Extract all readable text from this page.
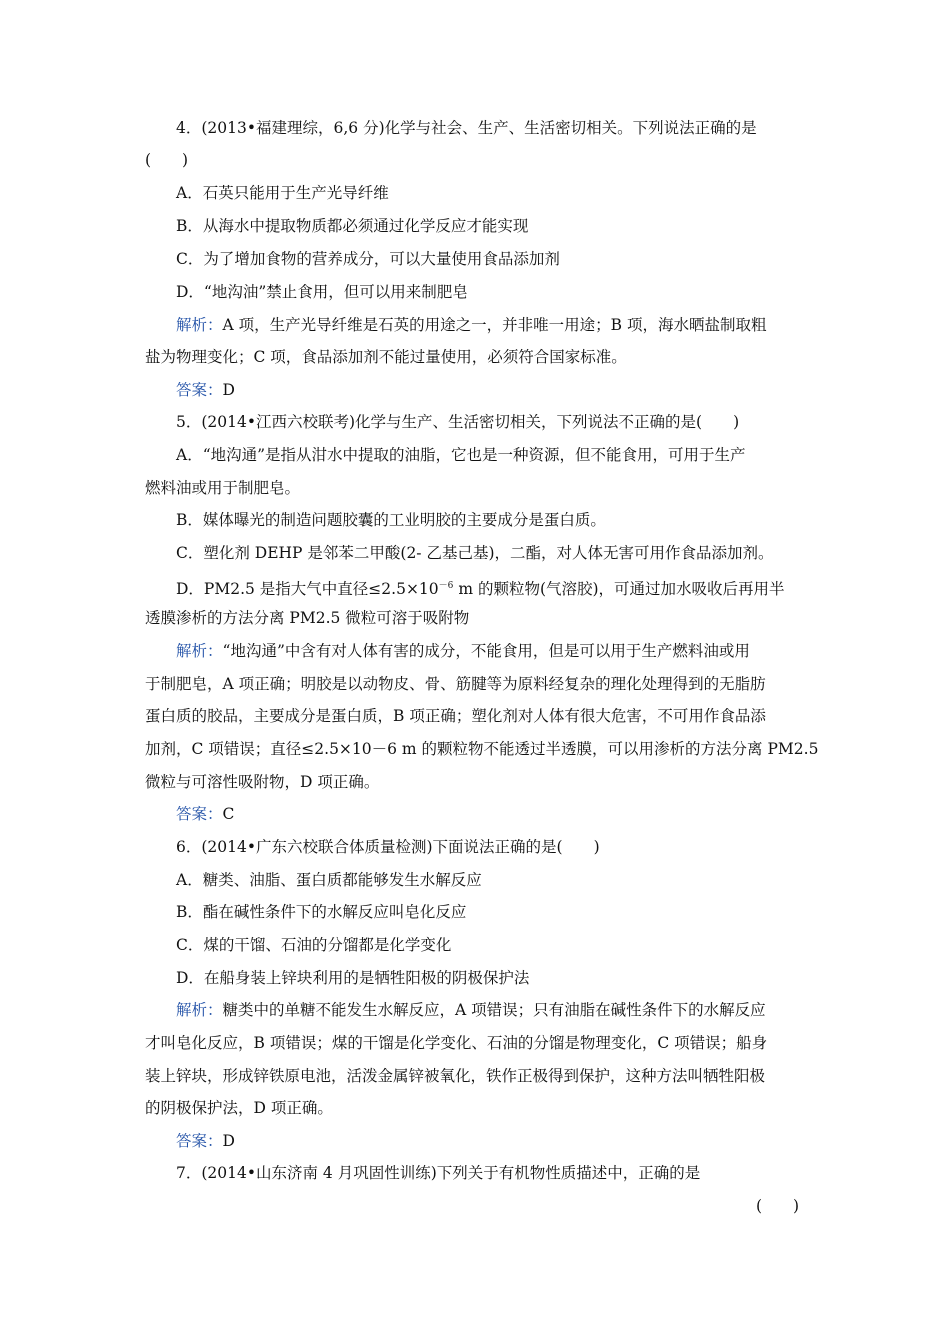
4．(2013•福建理综，6,6 分)化学与社会、生产、生活密切相关。下列说法正确的是
(　　)
A．石英只能用于生产光导纤维
B．从海水中提取物质都必须通过化学反应才能实现
C．为了增加食物的营养成分，可以大量使用食品添加剂
D．“地沟油”禁止食用，但可以用来制肥皂
解析：A 项，生产光导纤维是石英的用途之一，并非唯一用途；B 项，海水晒盐制取粗
盐为物理变化；C 项，食品添加剂不能过量使用，必须符合国家标准。
答案：D
5．(2014•江西六校联考)化学与生产、生活密切相关，下列说法不正确的是(　　)
A．“地沟通”是指从泔水中提取的油脂，它也是一种资源，但不能食用，可用于生产
燃料油或用于制肥皂。
B．媒体曝光的制造问题胶囊的工业明胶的主要成分是蛋白质。
C．塑化剂 DEHP 是邻苯二甲酸(2- 乙基己基)，二酯，对人体无害可用作食品添加剂。
D．PM2.5 是指大气中直径$\le 2.5\times 10^{-6}$ m 的颗粒物(气溶胶)，可通过加水吸收后再用半
透膜渗析的方法分离 PM2.5 微粒可溶于吸附物
解析：“地沟通”中含有对人体有害的成分，不能食用，但是可以用于生产燃料油或用
于制肥皂，A 项正确；明胶是以动物皮、骨、筋腱等为原料经复杂的理化处理得到的无脂肪
蛋白质的胶品，主要成分是蛋白质，B 项正确；塑化剂对人体有很大危害，不可用作食品添
加剂，C 项错误；直径≤2.5×10－6 m 的颗粒物不能透过半透膜，可以用渗析的方法分离 PM2.5
微粒与可溶性吸附物，D 项正确。
答案：C
6．(2014•广东六校联合体质量检测)下面说法正确的是(　　)
A．糖类、油脂、蛋白质都能够发生水解反应
B．酯在碱性条件下的水解反应叫皂化反应
C．煤的干馏、石油的分馏都是化学变化
D．在船身装上锌块利用的是牺牲阳极的阴极保护法
解析：糖类中的单糖不能发生水解反应，A 项错误；只有油脂在碱性条件下的水解反应
才叫皂化反应，B 项错误；煤的干馏是化学变化、石油的分馏是物理变化，C 项错误；船身
装上锌块，形成锌铁原电池，活泼金属锌被氧化，铁作正极得到保护，这种方法叫牺牲阳极
的阴极保护法，D 项正确。
答案：D
7．(2014•山东济南 4 月巩固性训练)下列关于有机物性质描述中，正确的是
(　　)
